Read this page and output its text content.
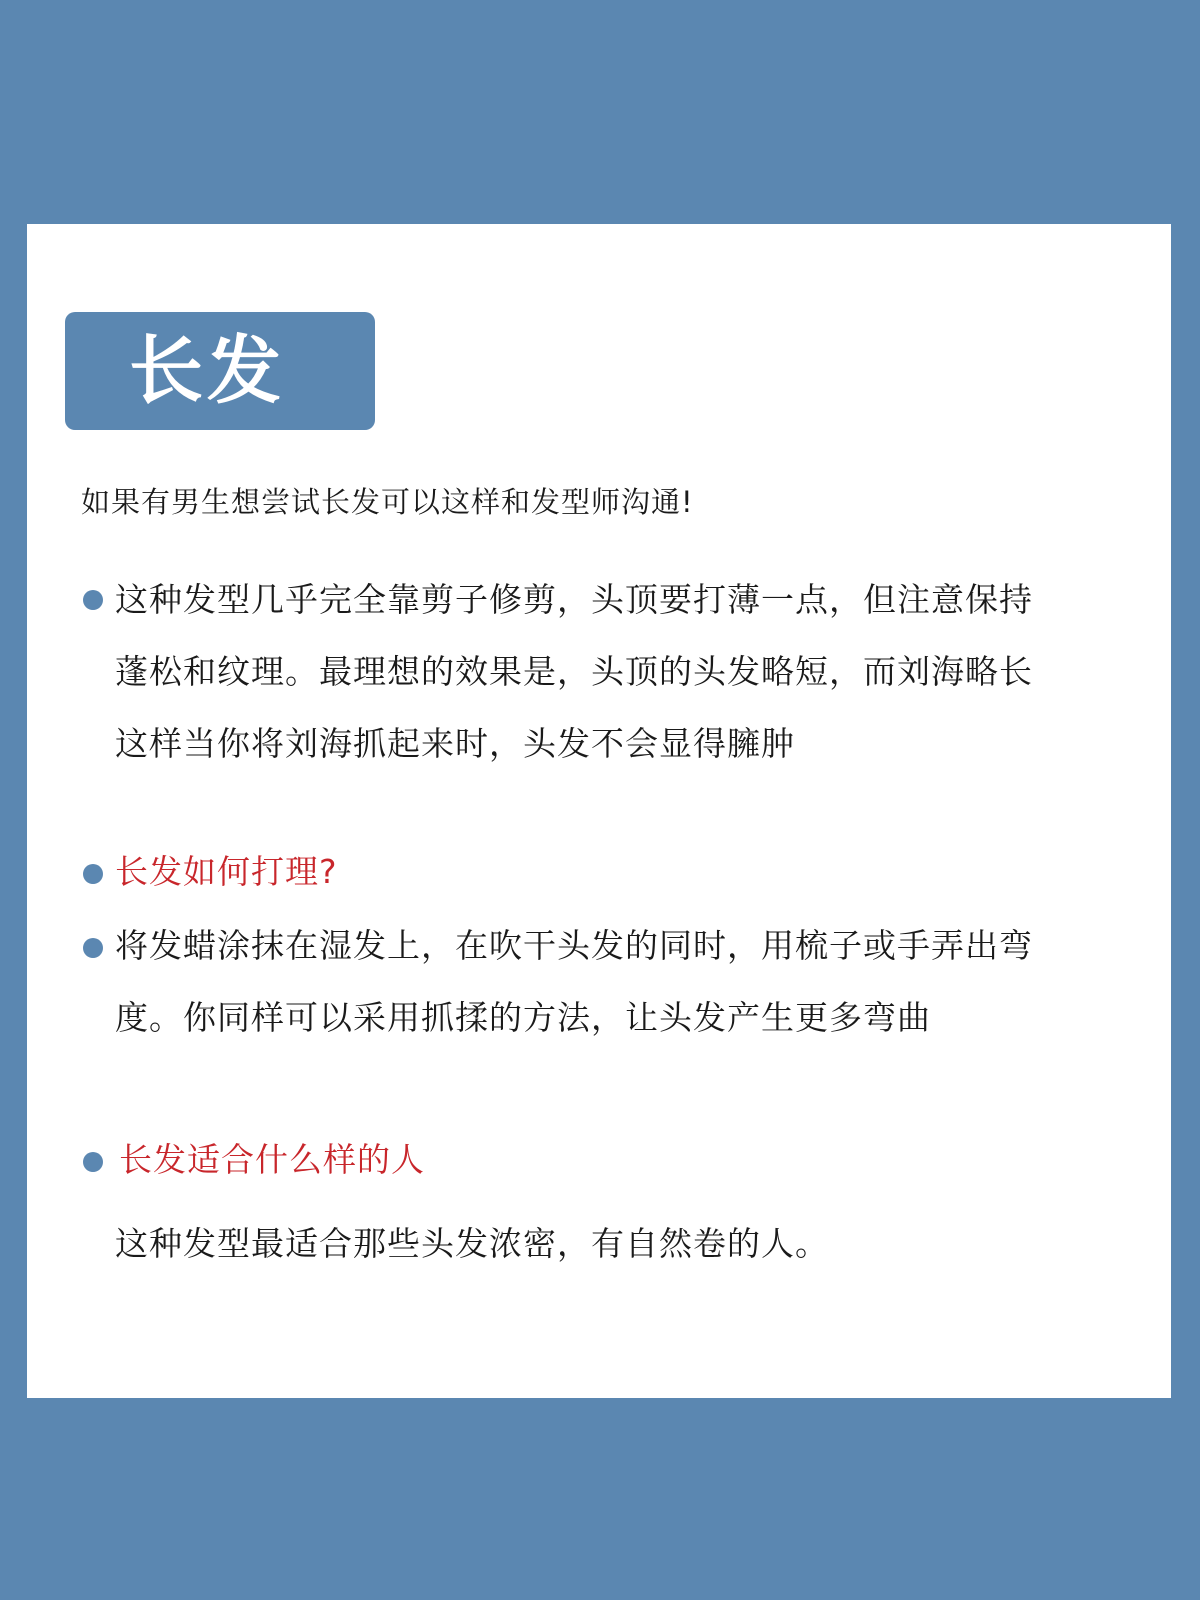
长发
如果有男生想尝试长发可以这样和发型师沟通!
这种发型几乎完全靠剪子修剪，头顶要打薄一点，但注意保持
蓬松和纹理。最理想的效果是，头顶的头发略短，而刘海略长
这样当你将刘海抓起来时，头发不会显得臃肿
长发如何打理?
将发蜡涂抹在湿发上，在吹干头发的同时，用梳子或手弄出弯
度。你同样可以采用抓揉的方法，让头发产生更多弯曲
长发适合什么样的人
这种发型最适合那些头发浓密，有自然卷的人。
